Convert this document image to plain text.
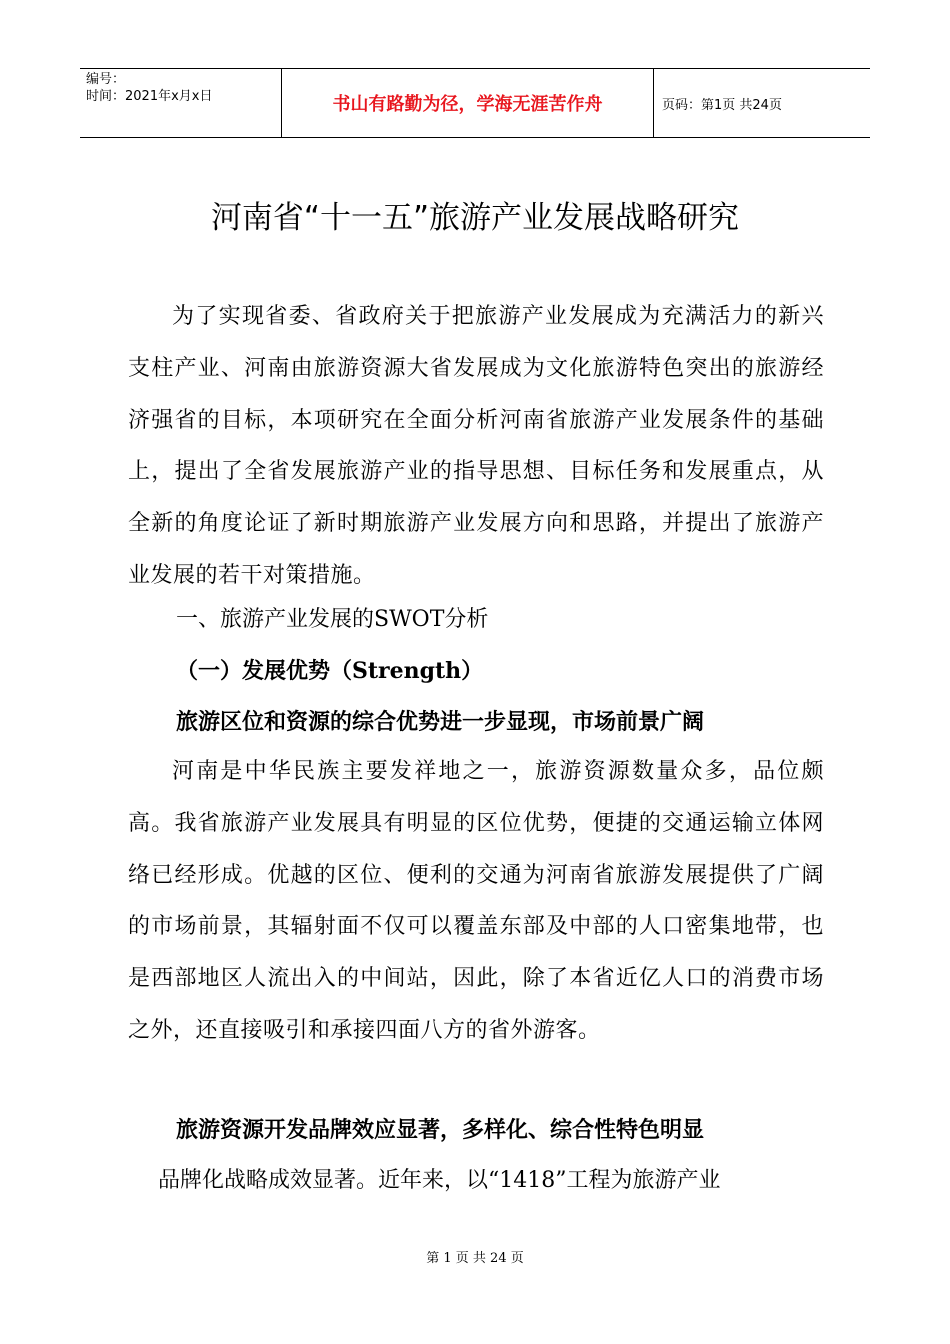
编号：
时间：2021年x月x日	书山有路勤为径，学海无涯苦作舟	页码：第1页 共24页
河南省“十一五”旅游产业发展战略研究

为了实现省委、省政府关于把旅游产业发展成为充满活力的新兴支柱产业、河南由旅游资源大省发展成为文化旅游特色突出的旅游经济强省的目标，本项研究在全面分析河南省旅游产业发展条件的基础上，提出了全省发展旅游产业的指导思想、目标任务和发展重点，从全新的角度论证了新时期旅游产业发展方向和思路，并提出了旅游产业发展的若干对策措施。

一、旅游产业发展的SWOT分析
（一）发展优势（Strength）
旅游区位和资源的综合优势进一步显现，市场前景广阔

河南是中华民族主要发祥地之一，旅游资源数量众多，品位颇高。我省旅游产业发展具有明显的区位优势，便捷的交通运输立体网络已经形成。优越的区位、便利的交通为河南省旅游发展提供了广阔的市场前景，其辐射面不仅可以覆盖东部及中部的人口密集地带，也是西部地区人流出入的中间站，因此，除了本省近亿人口的消费市场之外，还直接吸引和承接四面八方的省外游客。

旅游资源开发品牌效应显著，多样化、综合性特色明显
品牌化战略成效显著。近年来，以“1418”工程为旅游产业
第 1 页 共 24 页
